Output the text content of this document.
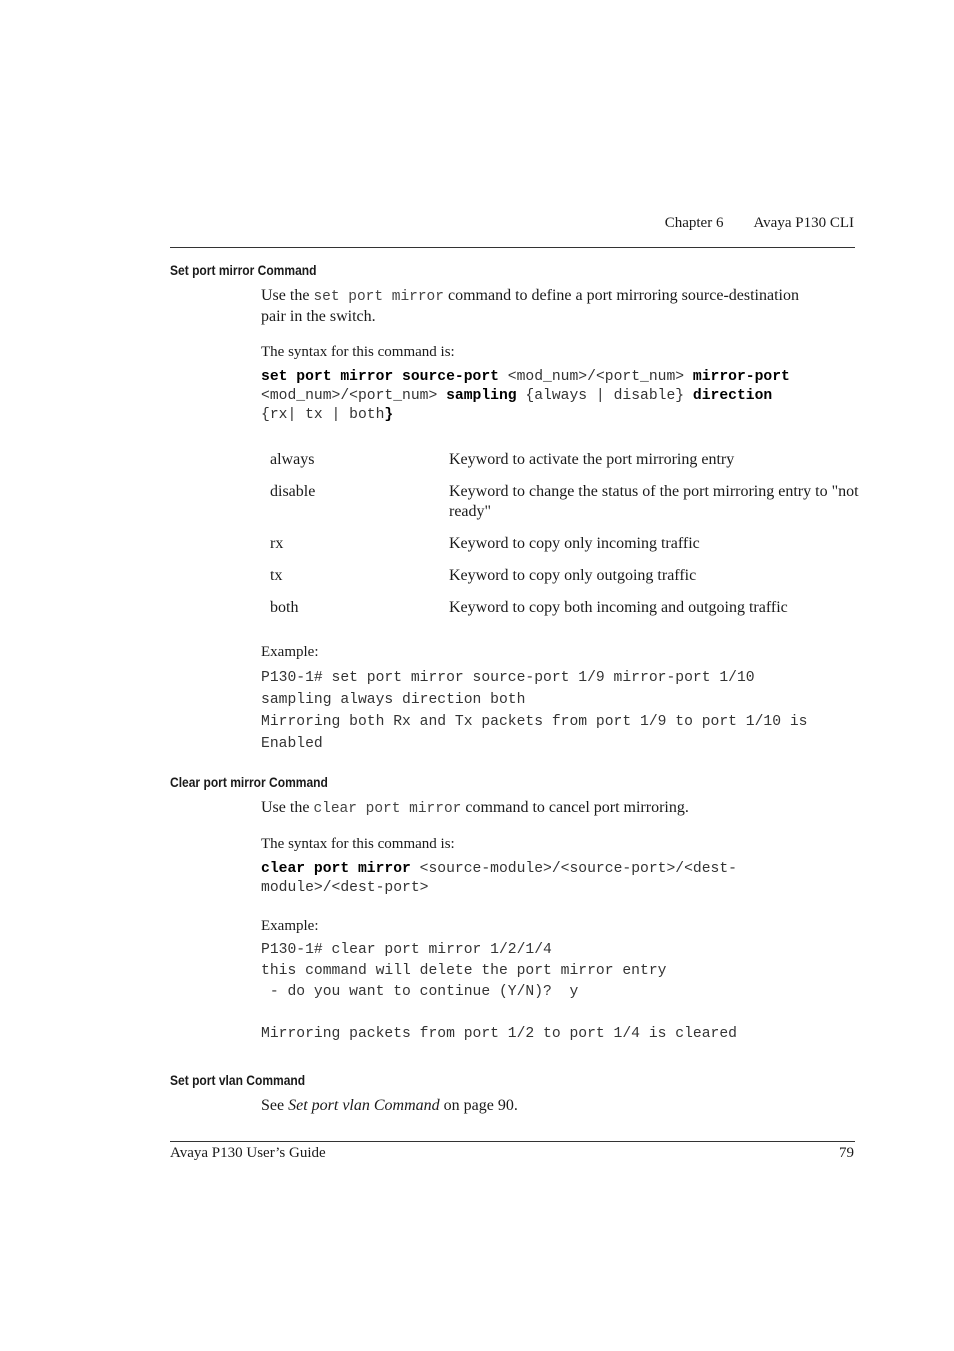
Chapter 6 Avaya P130 CLI
Set port mirror Command
Use the set port mirror command to define a port mirroring source-destination pair in the switch.
The syntax for this command is:
set port mirror source-port <mod_num>/<port_num> mirror-port
<mod_num>/<port_num> sampling {always | disable} direction
{rx| tx | both}
always	Keyword to activate the port mirroring entry
disable	Keyword to change the status of the port mirroring entry to "not ready"
rx	Keyword to copy only incoming traffic
tx	Keyword to copy only outgoing traffic
both	Keyword to copy both incoming and outgoing traffic
Example:
P130-1# set port mirror source-port 1/9 mirror-port 1/10
sampling always direction both
Mirroring both Rx and Tx packets from port 1/9 to port 1/10 is
Enabled
Clear port mirror Command
Use the clear port mirror command to cancel port mirroring.
The syntax for this command is:
clear port mirror <source-module>/<source-port>/<dest-
module>/<dest-port>
Example:
P130-1# clear port mirror 1/2/1/4
this command will delete the port mirror entry
- do you want to continue (Y/N)?  y

Mirroring packets from port 1/2 to port 1/4 is cleared
Set port vlan Command
See Set port vlan Command on page 90.
Avaya P130 User’s Guide	79
